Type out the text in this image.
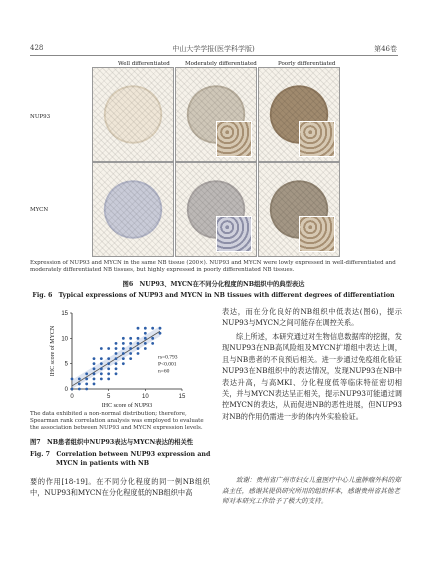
428	中山大学学报(医学科学版)	第46卷
Well differentiated	Moderately differentiated	Poorly differentiated
NUP93
MYCN
Expression of NUP93 and MYCN in the same NB tissue (200×). NUP93 and MYCN were lowly expressed in well-differentiated and moderately differentiated NB tissues, but highly expressed in poorly differentiated NB tissues.
图6　NUP93、MYCN在不同分化程度的NB组织中的典型表达
Fig. 6　Typical expressions of NUP93 and MYCN in NB tissues with different degrees of differentiation
0	5	10	15
0
5
10
15
IHC score of NUP93
IHC score of MYCN	rs=0.793
P<0.001
n=60
The data exhibited a non-normal distribution; therefore, Spearman rank correlation analysis was employed to evaluate the association between NUP93 and MYCN expression levels.
图7　NB患者组织中NUP93表达与MYCN表达的相关性
Fig. 7　Correlation between NUP93 expression and
MYCN in patients with NB
要的作用[18-19]。在不同分化程度的同一例NB组织中，NUP93和MYCN在分化程度低的NB组织中高
表达，而在分化良好的NB组织中低表达(图6)，提示NUP93与MYCN之间可能存在调控关系。
综上所述，本研究通过对生物信息数据库的挖掘，发现NUP93在NB高风险组及MYCN扩增组中表达上调，且与NB患者的不良预后相关。进一步通过免疫组化验证NUP93在NB组织中的表达情况，发现NUP93在NB中表达升高，与高MKI、分化程度低等临床特征密切相关，并与MYCN表达呈正相关，提示NUP93可能通过调控MYCN的表达，从而促进NB的恶性进展，但NUP93对NB的作用仍需进一步的体内外实验验证。
致谢：贵州省广州市妇女儿童医疗中心儿童肿瘤外科的郑焱主任，感谢其提供研究所用的组织样本，感谢贵州省其他老师对本研究工作给予了极大的支持。
